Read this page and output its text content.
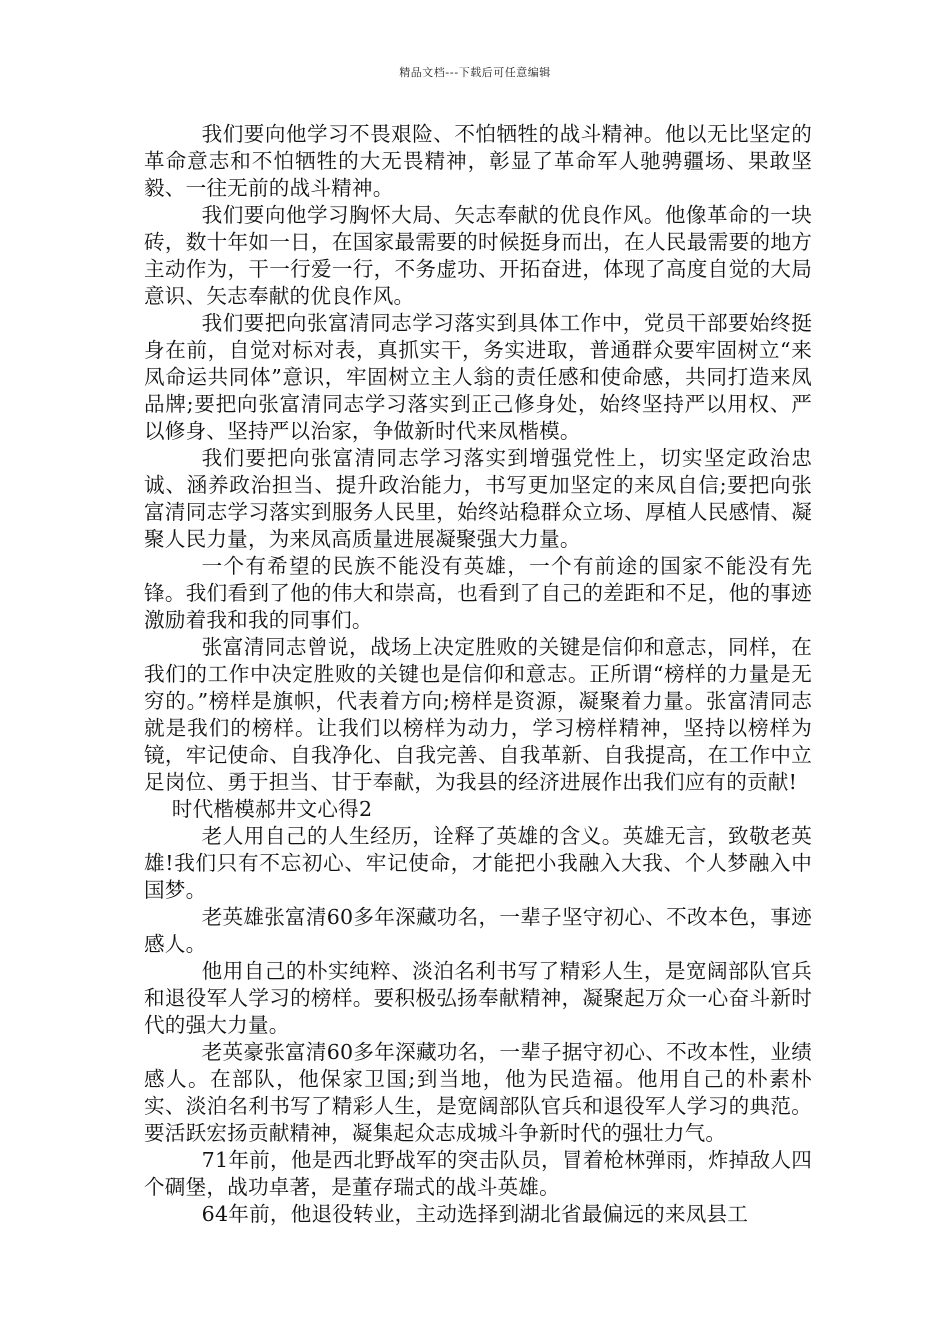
精品文档---下载后可任意编辑

我们要向他学习不畏艰险、不怕牺牲的战斗精神。他以无比坚定的革命意志和不怕牺牲的大无畏精神，彰显了革命军人驰骋疆场、果敢坚毅、一往无前的战斗精神。

我们要向他学习胸怀大局、矢志奉献的优良作风。他像革命的一块砖，数十年如一日，在国家最需要的时候挺身而出，在人民最需要的地方主动作为，干一行爱一行，不务虚功、开拓奋进，体现了高度自觉的大局意识、矢志奉献的优良作风。

我们要把向张富清同志学习落实到具体工作中，党员干部要始终挺身在前，自觉对标对表，真抓实干，务实进取，普通群众要牢固树立“来凤命运共同体”意识，牢固树立主人翁的责任感和使命感，共同打造来凤品牌;要把向张富清同志学习落实到正己修身处，始终坚持严以用权、严以修身、坚持严以治家，争做新时代来凤楷模。

我们要把向张富清同志学习落实到增强党性上，切实坚定政治忠诚、涵养政治担当、提升政治能力，书写更加坚定的来凤自信;要把向张富清同志学习落实到服务人民里，始终站稳群众立场、厚植人民感情、凝聚人民力量，为来凤高质量进展凝聚强大力量。

一个有希望的民族不能没有英雄，一个有前途的国家不能没有先锋。我们看到了他的伟大和崇高，也看到了自己的差距和不足，他的事迹激励着我和我的同事们。

张富清同志曾说，战场上决定胜败的关键是信仰和意志，同样，在我们的工作中决定胜败的关键也是信仰和意志。正所谓“榜样的力量是无穷的。”榜样是旗帜，代表着方向;榜样是资源，凝聚着力量。张富清同志就是我们的榜样。让我们以榜样为动力，学习榜样精神，坚持以榜样为镜，牢记使命、自我净化、自我完善、自我革新、自我提高，在工作中立足岗位、勇于担当、甘于奉献，为我县的经济进展作出我们应有的贡献!

时代楷模郝井文心得2

老人用自己的人生经历，诠释了英雄的含义。英雄无言，致敬老英雄!我们只有不忘初心、牢记使命，才能把小我融入大我、个人梦融入中国梦。

老英雄张富清60多年深藏功名，一辈子坚守初心、不改本色，事迹感人。

他用自己的朴实纯粹、淡泊名利书写了精彩人生，是宽阔部队官兵和退役军人学习的榜样。要积极弘扬奉献精神，凝聚起万众一心奋斗新时代的强大力量。

老英豪张富清60多年深藏功名，一辈子据守初心、不改本性，业绩感人。在部队，他保家卫国;到当地，他为民造福。他用自己的朴素朴实、淡泊名利书写了精彩人生，是宽阔部队官兵和退役军人学习的典范。要活跃宏扬贡献精神，凝集起众志成城斗争新时代的强壮力气。

71年前，他是西北野战军的突击队员，冒着枪林弹雨，炸掉敌人四个碉堡，战功卓著，是董存瑞式的战斗英雄。

64年前，他退役转业，主动选择到湖北省最偏远的来凤县工
